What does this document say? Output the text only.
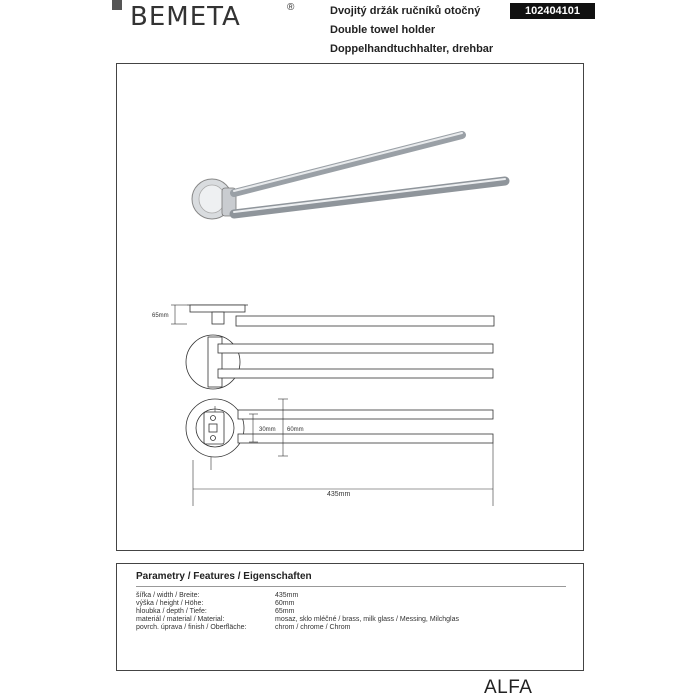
BEMETA	®	Dvojitý držák ručníků otočný
Double towel holder
Doppelhandtuchhalter, drehbar
102404101
65mm
30mm 60mm
435mm
Parametry / Features / Eigenschaften
šířka / width / Breite:	435mm
výška / height / Höhe:	60mm
hloubka / depth / Tiefe:	65mm
materiál / material / Material:	mosaz, sklo mléčné / brass, milk glass / Messing, Milchglas
povrch. úprava / finish / Oberfläche:	chrom / chrome / Chrom
ALFA
